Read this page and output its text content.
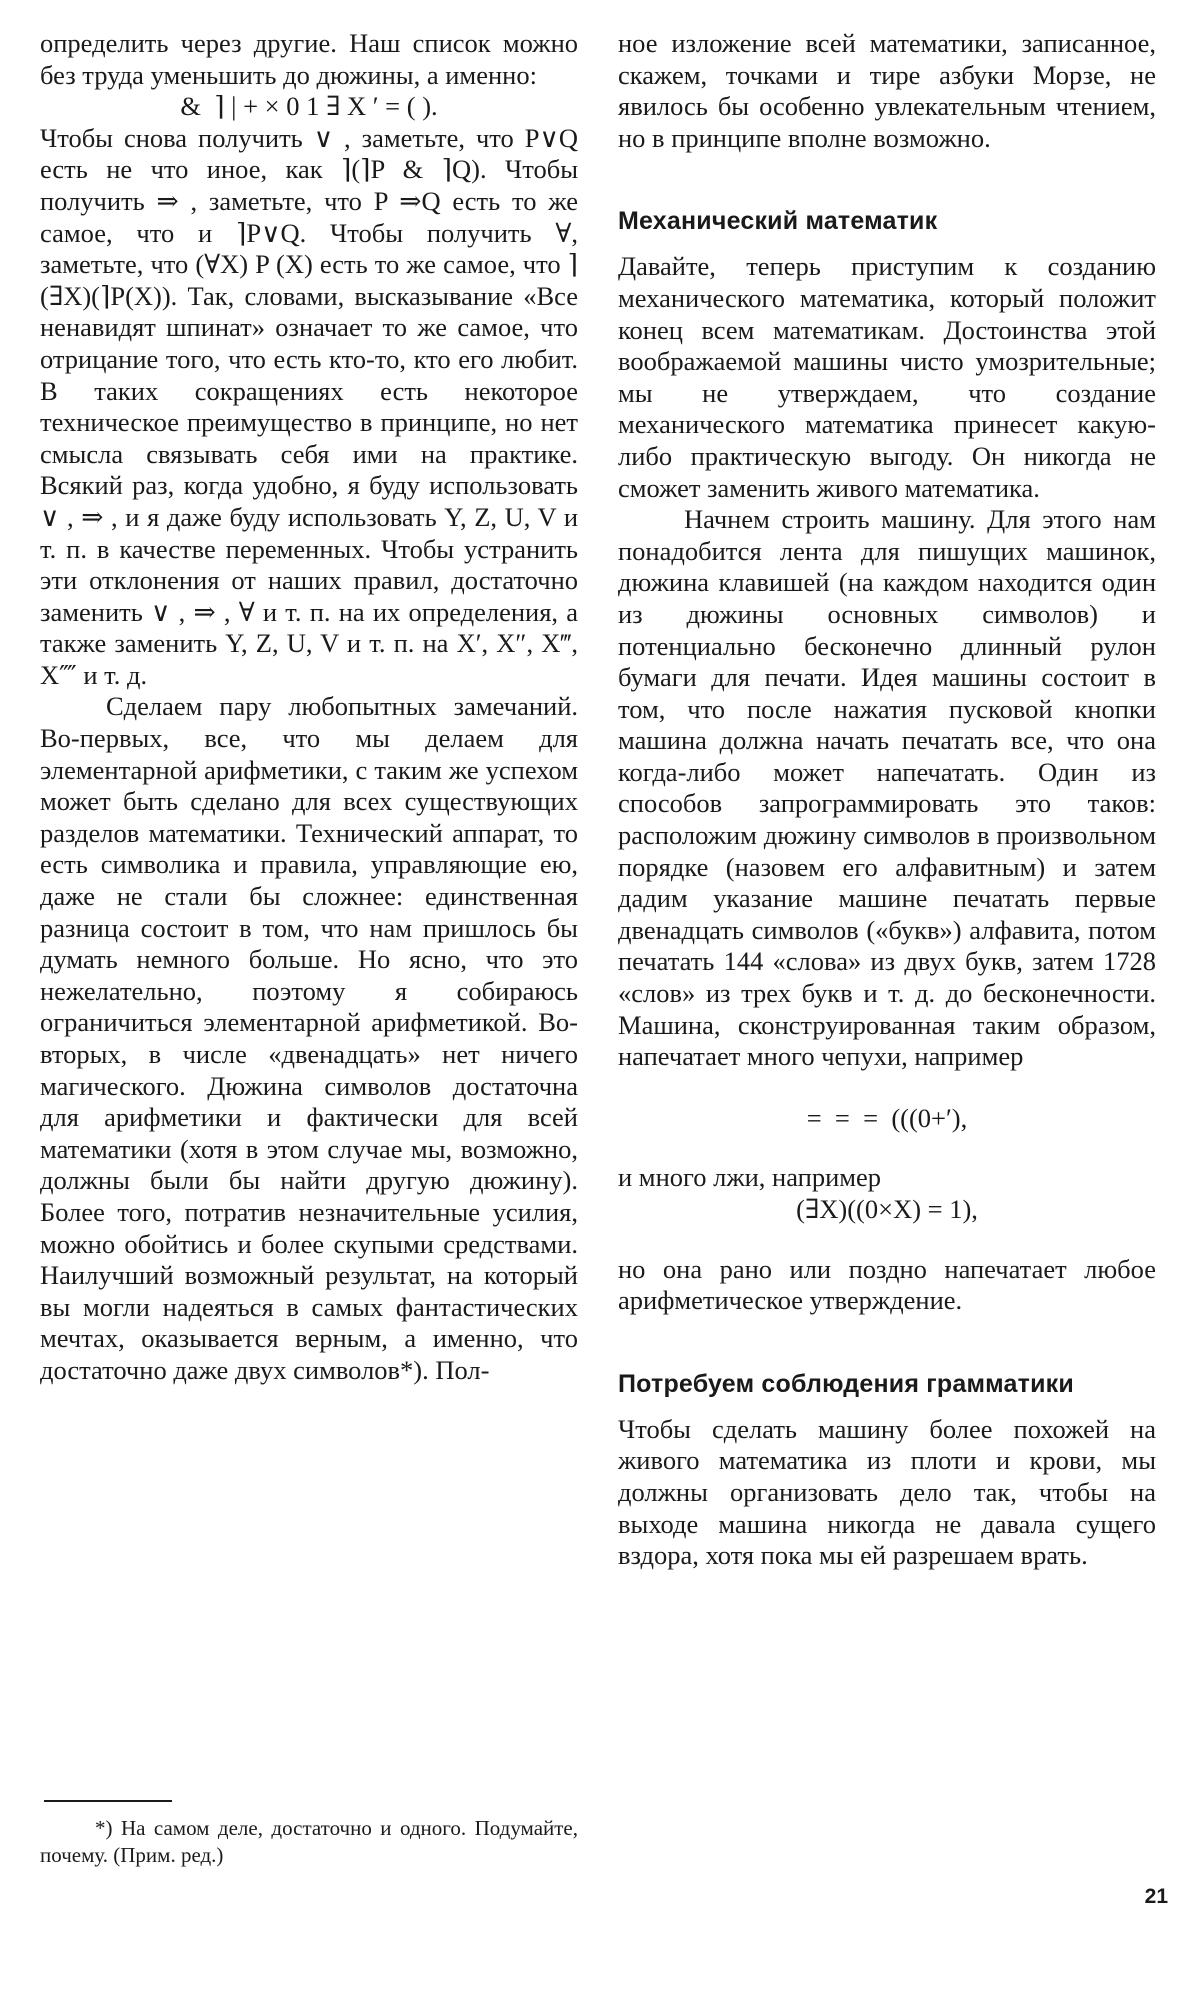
определить через другие. Наш список можно без труда уменьшить до дюжины, а именно:

&  ⌉ | + × 0 1 ∃ X ′ = ( ).

Чтобы снова получить ∨ , заметьте, что P∨Q есть не что иное, как ⌉(⌉P & ⌉Q). Чтобы получить ⇒ , заметьте, что P ⇒Q есть то же самое, что и ⌉P∨Q. Чтобы получить ∀, заметьте, что (∀X) P (X) есть то же самое, что ⌉(∃X)(⌉P(X)). Так, словами, высказывание «Все ненавидят шпинат» означает то же самое, что отрицание того, что есть кто-то, кто его любит. В таких сокращениях есть некоторое техническое преимущество в принципе, но нет смысла связывать себя ими на практике. Всякий раз, когда удобно, я буду использовать ∨ , ⇒ , и я даже буду использовать Y, Z, U, V и т. п. в качестве переменных. Чтобы устранить эти отклонения от наших правил, достаточно заменить ∨ , ⇒ , ∀ и т. п. на их определения, а также заменить Y, Z, U, V и т. п. на X′, X″, X‴, X⁗ и т. д.

Сделаем пару любопытных замечаний. Во-первых, все, что мы делаем для элементарной арифметики, с таким же успехом может быть сделано для всех существующих разделов математики. Технический аппарат, то есть символика и правила, управляющие ею, даже не стали бы сложнее: единственная разница состоит в том, что нам пришлось бы думать немного больше. Но ясно, что это нежелательно, поэтому я собираюсь ограничиться элементарной арифметикой. Во-вторых, в числе «двенадцать» нет ничего магического. Дюжина символов достаточна для арифметики и фактически для всей математики (хотя в этом случае мы, возможно, должны были бы найти другую дюжину). Более того, потратив незначительные усилия, можно обойтись и более скупыми средствами. Наилучший возможный результат, на который вы могли надеяться в самых фантастических мечтах, оказывается верным, а именно, что достаточно даже двух символов*). Пол-

ное изложение всей математики, записанное, скажем, точками и тире азбуки Морзе, не явилось бы особенно увлекательным чтением, но в принципе вполне возможно.

Механический математик

Давайте, теперь приступим к созданию механического математика, который положит конец всем математикам. Достоинства этой воображаемой машины чисто умозрительные; мы не утверждаем, что создание механического математика принесет какую-либо практическую выгоду. Он никогда не сможет заменить живого математика.

Начнем строить машину. Для этого нам понадобится лента для пишущих машинок, дюжина клавишей (на каждом находится один из дюжины основных символов) и потенциально бесконечно длинный рулон бумаги для печати. Идея машины состоит в том, что после нажатия пусковой кнопки машина должна начать печатать все, что она когда-либо может напечатать. Один из способов запрограммировать это таков: расположим дюжину символов в произвольном порядке (назовем его алфавитным) и затем дадим указание машине печатать первые двенадцать символов («букв») алфавита, потом печатать 144 «слова» из двух букв, затем 1728 «слов» из трех букв и т. д. до бесконечности. Машина, сконструированная таким образом, напечатает много чепухи, например

=  =  =  (((0+′),

и много лжи, например

(∃X)((0×X) = 1),

но она рано или поздно напечатает любое арифметическое утверждение.

Потребуем соблюдения грамматики

Чтобы сделать машину более похожей на живого математика из плоти и крови, мы должны организовать дело так, чтобы на выходе машина никогда не давала сущего вздора, хотя пока мы ей разрешаем врать.

*) На самом деле, достаточно и одного. Подумайте, почему. (Прим. ред.)

21
